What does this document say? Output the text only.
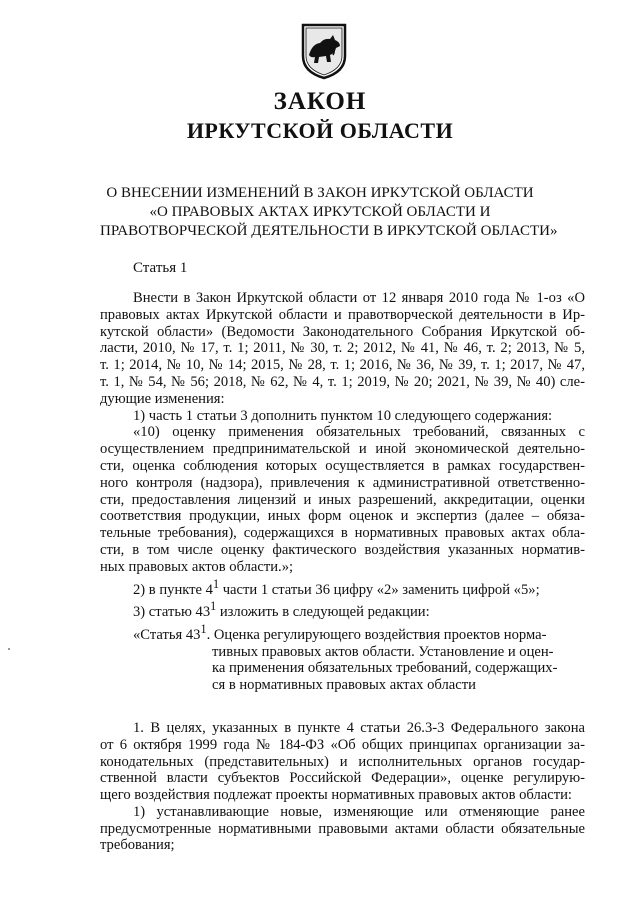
ЗАКОН
ИРКУТСКОЙ ОБЛАСТИ
О ВНЕСЕНИИ ИЗМЕНЕНИЙ В ЗАКОН ИРКУТСКОЙ ОБЛАСТИ
«О ПРАВОВЫХ АКТАХ ИРКУТСКОЙ ОБЛАСТИ И
ПРАВОТВОРЧЕСКОЙ ДЕЯТЕЛЬНОСТИ В ИРКУТСКОЙ ОБЛАСТИ»
Статья 1
Внести в Закон Иркутской области от 12 января 2010 года № 1-оз «О
правовых актах Иркутской области и правотворческой деятельности в Ир-
кутской области» (Ведомости Законодательного Собрания Иркутской об-
ласти, 2010, № 17, т. 1; 2011, № 30, т. 2; 2012, № 41, № 46, т. 2; 2013, № 5,
т. 1; 2014, № 10, № 14; 2015, № 28, т. 1; 2016, № 36, № 39, т. 1; 2017, № 47,
т. 1, № 54, № 56; 2018, № 62, № 4, т. 1; 2019, № 20; 2021, № 39, № 40) сле-
дующие изменения:
1) часть 1 статьи 3 дополнить пунктом 10 следующего содержания:
«10) оценку применения обязательных требований, связанных с
осуществлением предпринимательской и иной экономической деятельно-
сти, оценка соблюдения которых осуществляется в рамках государствен-
ного контроля (надзора), привлечения к административной ответственно-
сти, предоставления лицензий и иных разрешений, аккредитации, оценки
соответствия продукции, иных форм оценок и экспертиз (далее – обяза-
тельные требования), содержащихся в нормативных правовых актах обла-
сти, в том числе оценку фактического воздействия указанных норматив-
ных правовых актов области.»;
2) в пункте $4^1$ части 1 статьи 36 цифру «2» заменить цифрой «5»;
3) статью $43^1$ изложить в следующей редакции:
«Статья $43^1$. Оценка регулирующего воздействия проектов норма-
тивных правовых актов области. Установление и оцен-
ка применения обязательных требований, содержащих-
ся в нормативных правовых актах области
1. В целях, указанных в пункте 4 статьи 26.3-3 Федерального закона
от 6 октября 1999 года № 184-ФЗ «Об общих принципах организации за-
конодательных (представительных) и исполнительных органов государ-
ственной власти субъектов Российской Федерации», оценке регулирую-
щего воздействия подлежат проекты нормативных правовых актов области:
1) устанавливающие новые, изменяющие или отменяющие ранее
предусмотренные нормативными правовыми актами области обязательные
требования;
